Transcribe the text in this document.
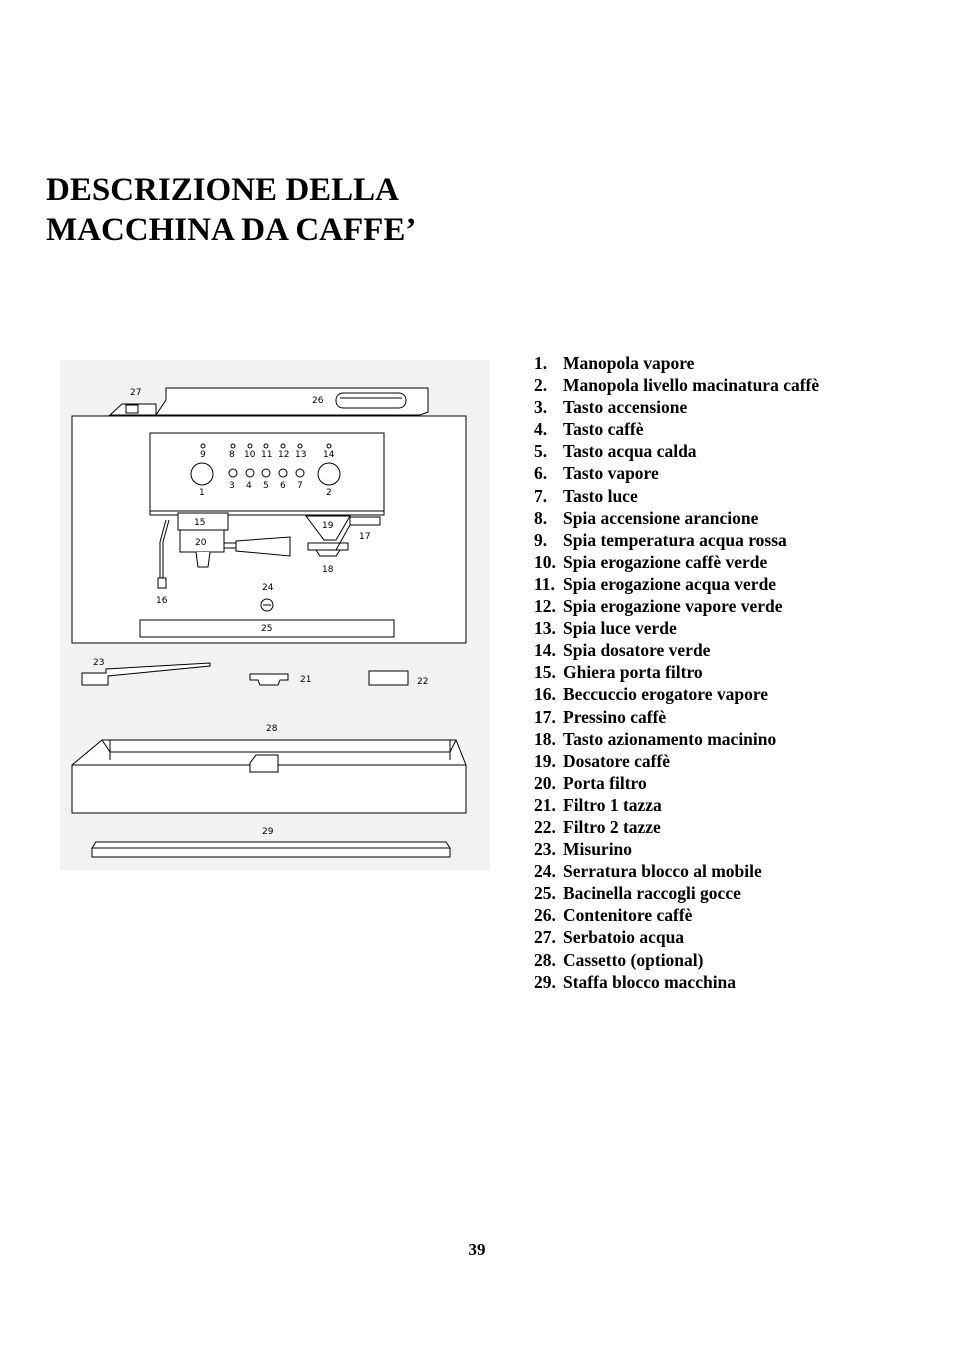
DESCRIZIONE DELLA
MACCHINA DA CAFFE’
27
26
9	8 10 11 12 13 14
1
3 4 5 6 7
2
15
20
19
17
18
16
24
25
23
21	22
28
29
1. Manopola vapore
2. Manopola livello macinatura caffè
3. Tasto accensione
4. Tasto caffè
5. Tasto acqua calda
6. Tasto vapore
7. Tasto luce
8. Spia accensione arancione
9. Spia temperatura acqua rossa
10. Spia erogazione caffè verde
11. Spia erogazione acqua verde
12. Spia erogazione vapore verde
13. Spia luce verde
14. Spia dosatore verde
15. Ghiera porta filtro
16. Beccuccio erogatore vapore
17. Pressino caffè
18. Tasto azionamento macinino
19. Dosatore caffè
20. Porta filtro
21. Filtro 1 tazza
22. Filtro 2 tazze
23. Misurino
24. Serratura blocco al mobile
25. Bacinella raccogli gocce
26. Contenitore caffè
27. Serbatoio acqua
28. Cassetto (optional)
29. Staffa blocco macchina
39
